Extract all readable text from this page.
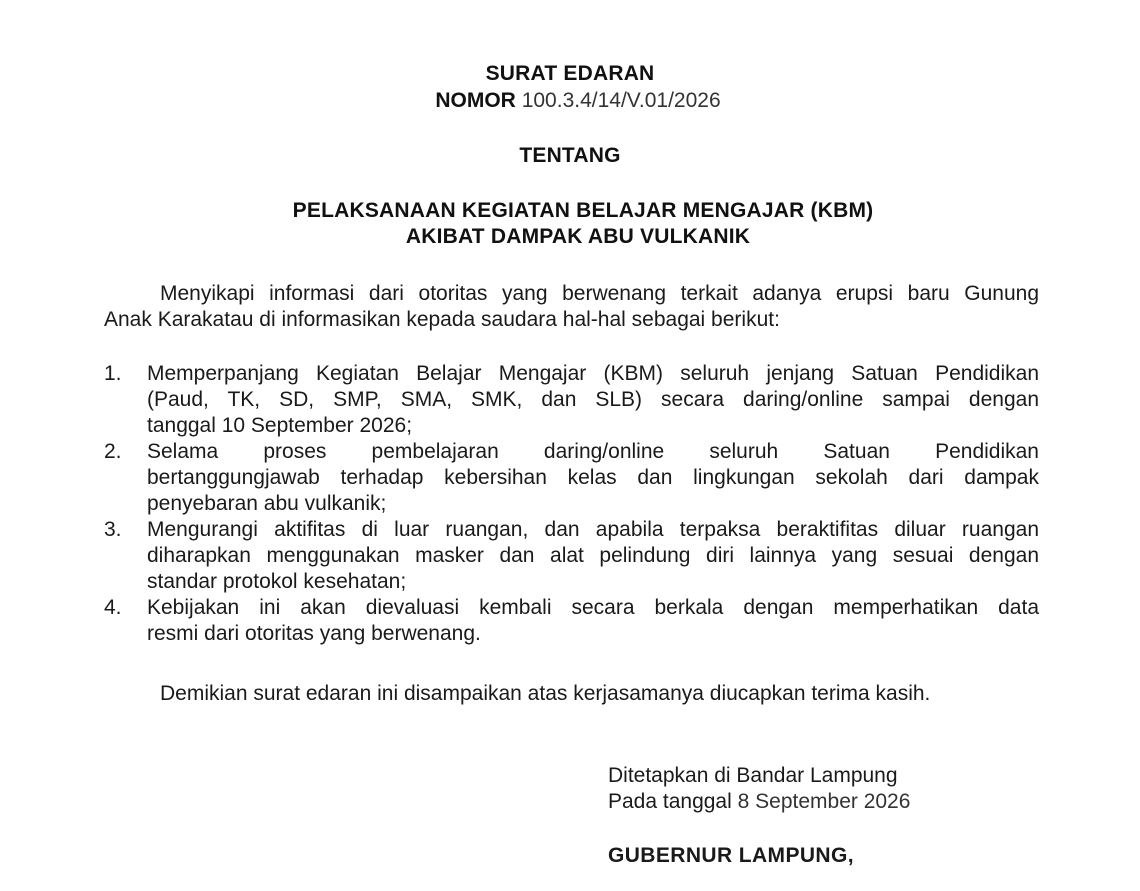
SURAT EDARAN
NOMOR 100.3.4/14/V.01/2026
TENTANG
PELAKSANAAN KEGIATAN BELAJAR MENGAJAR (KBM)
AKIBAT DAMPAK ABU VULKANIK
Menyikapi informasi dari otoritas yang berwenang terkait adanya erupsi baru Gunung
Anak Karakatau di informasikan kepada saudara hal-hal sebagai berikut:
1. Memperpanjang Kegiatan Belajar Mengajar (KBM) seluruh jenjang Satuan Pendidikan
(Paud, TK, SD, SMP, SMA, SMK, dan SLB) secara daring/online sampai dengan
tanggal 10 September 2026;
2. Selama proses pembelajaran daring/online seluruh Satuan Pendidikan
bertanggungjawab terhadap kebersihan kelas dan lingkungan sekolah dari dampak
penyebaran abu vulkanik;
3. Mengurangi aktifitas di luar ruangan, dan apabila terpaksa beraktifitas diluar ruangan
diharapkan menggunakan masker dan alat pelindung diri lainnya yang sesuai dengan
standar protokol kesehatan;
4. Kebijakan ini akan dievaluasi kembali secara berkala dengan memperhatikan data
resmi dari otoritas yang berwenang.
Demikian surat edaran ini disampaikan atas kerjasamanya diucapkan terima kasih.
Ditetapkan di Bandar Lampung
Pada tanggal 8 September 2026
GUBERNUR LAMPUNG,
